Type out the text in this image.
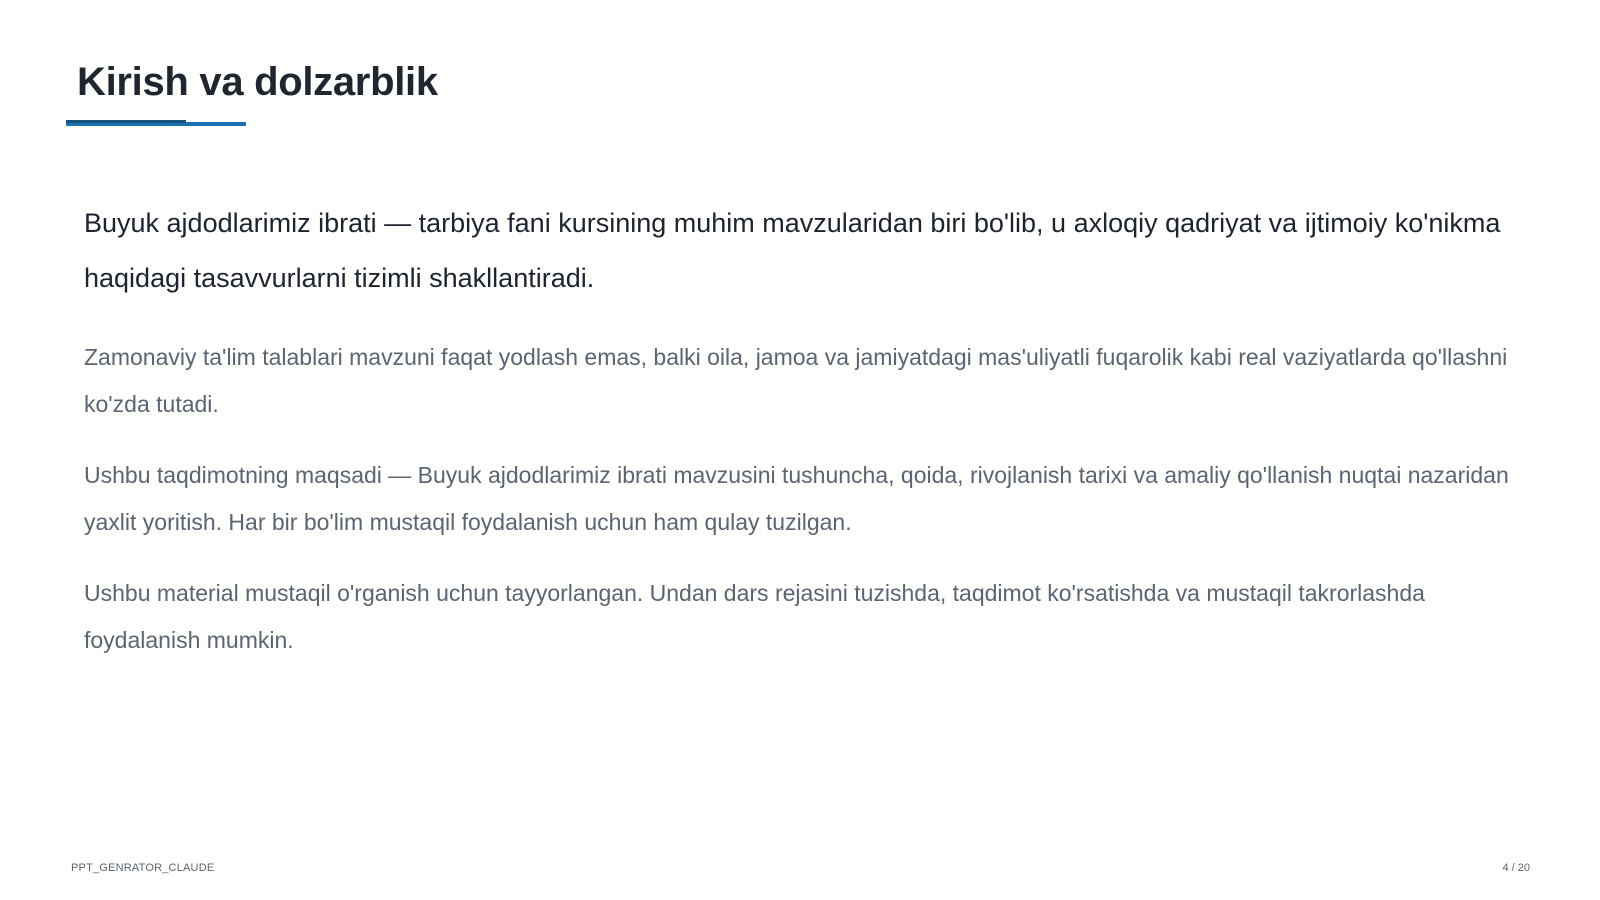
Kirish va dolzarblik

Buyuk ajdodlarimiz ibrati — tarbiya fani kursining muhim mavzularidan biri bo'lib, u axloqiy qadriyat va ijtimoiy ko'nikma haqidagi tasavvurlarni tizimli shakllantiradi.

Zamonaviy ta'lim talablari mavzuni faqat yodlash emas, balki oila, jamoa va jamiyatdagi mas'uliyatli fuqarolik kabi real vaziyatlarda qo'llashni ko'zda tutadi.

Ushbu taqdimotning maqsadi — Buyuk ajdodlarimiz ibrati mavzusini tushuncha, qoida, rivojlanish tarixi va amaliy qo'llanish nuqtai nazaridan yaxlit yoritish. Har bir bo'lim mustaqil foydalanish uchun ham qulay tuzilgan.

Ushbu material mustaqil o'rganish uchun tayyorlangan. Undan dars rejasini tuzishda, taqdimot ko'rsatishda va mustaqil takrorlashda foydalanish mumkin.

PPT_GENRATOR_CLAUDE	4 / 20
